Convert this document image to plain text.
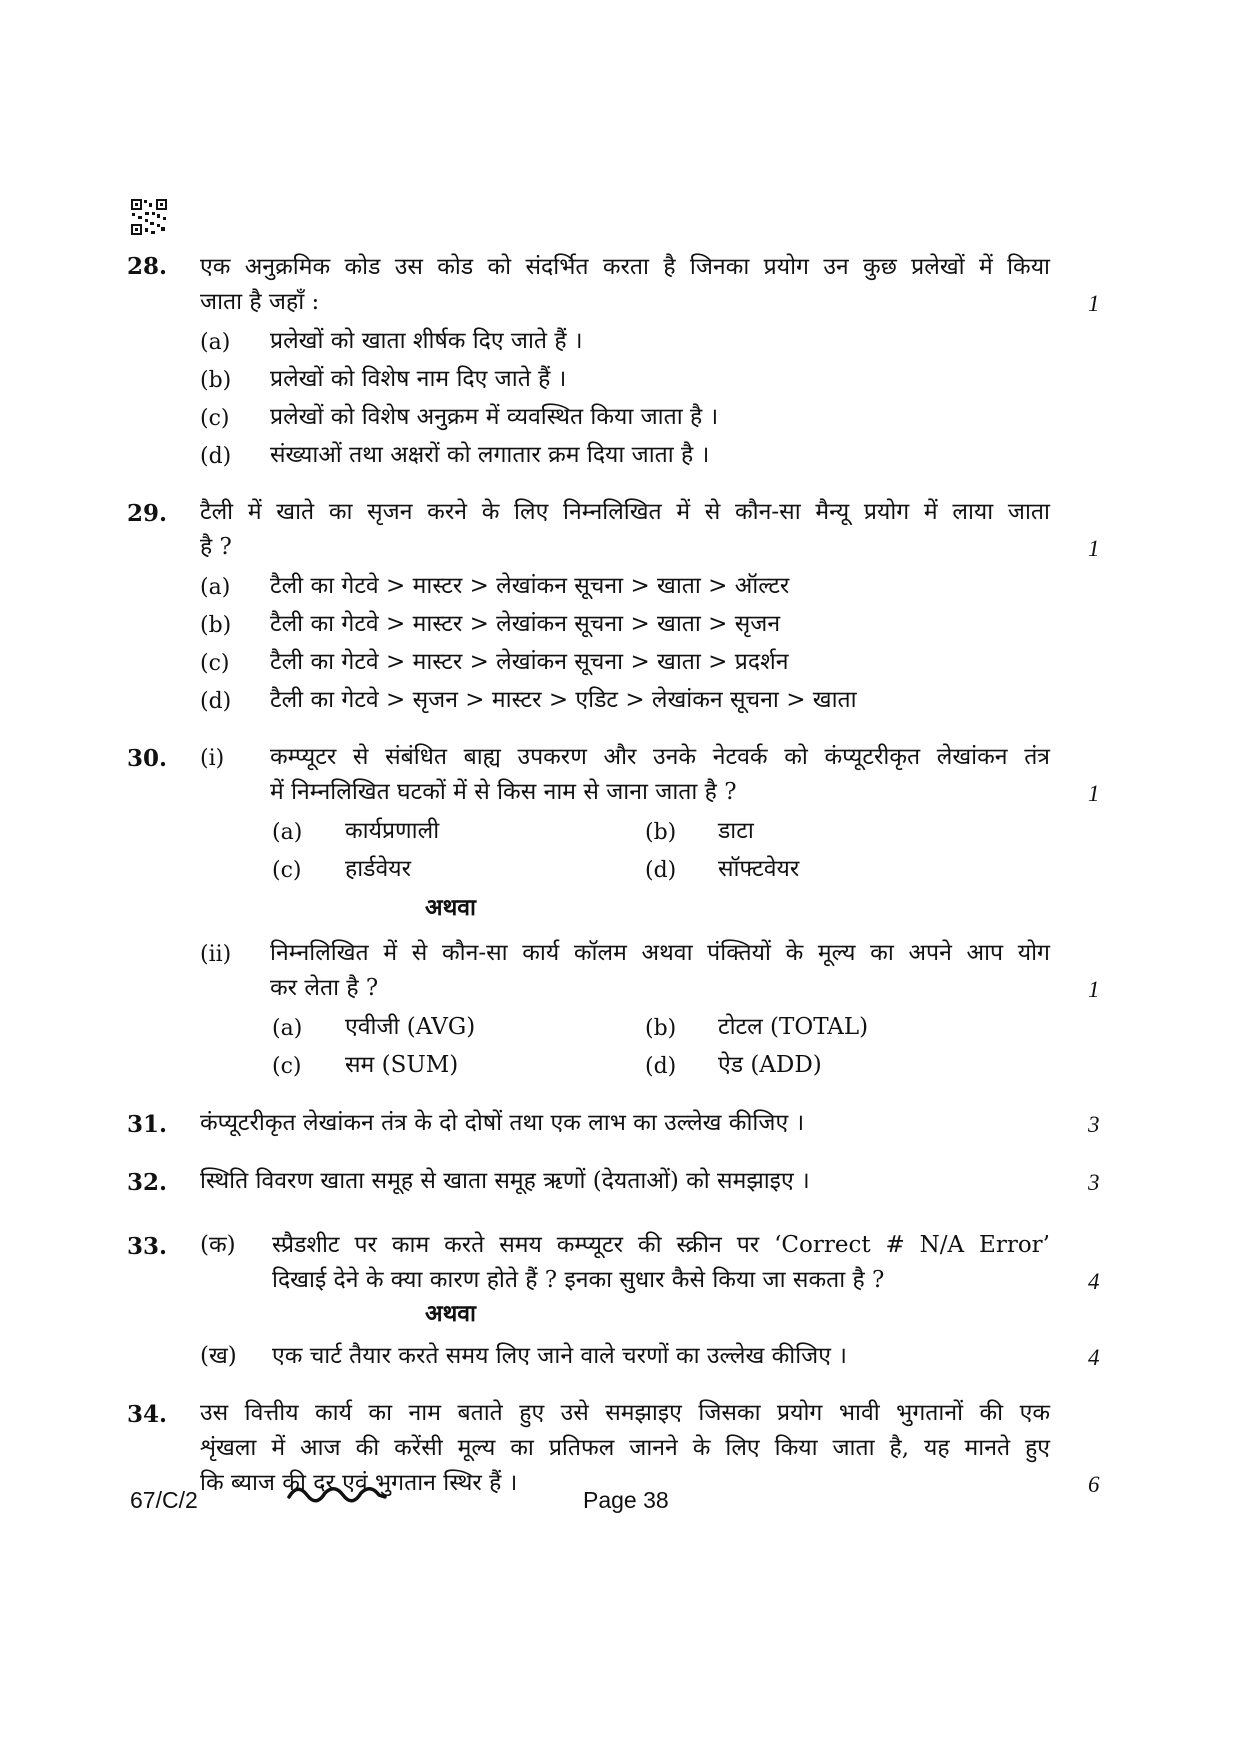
28. एक अनुक्रमिक कोड उस कोड को संदर्भित करता है जिनका प्रयोग उन कुछ प्रलेखों में किया
जाता है जहाँ :	1
(a) प्रलेखों को खाता शीर्षक दिए जाते हैं ।
(b) प्रलेखों को विशेष नाम दिए जाते हैं ।
(c) प्रलेखों को विशेष अनुक्रम में व्यवस्थित किया जाता है ।
(d) संख्याओं तथा अक्षरों को लगातार क्रम दिया जाता है ।
29. टैली में खाते का सृजन करने के लिए निम्नलिखित में से कौन-सा मैन्यू प्रयोग में लाया जाता
है ?	1
(a) टैली का गेटवे > मास्टर > लेखांकन सूचना > खाता > ऑल्टर
(b) टैली का गेटवे > मास्टर > लेखांकन सूचना > खाता > सृजन
(c) टैली का गेटवे > मास्टर > लेखांकन सूचना > खाता > प्रदर्शन
(d) टैली का गेटवे > सृजन > मास्टर > एडिट > लेखांकन सूचना > खाता
30. (i) कम्प्यूटर से संबंधित बाह्य उपकरण और उनके नेटवर्क को कंप्यूटरीकृत लेखांकन तंत्र
में निम्नलिखित घटकों में से किस नाम से जाना जाता है ?	1
(a) कार्यप्रणाली	(b) डाटा
(c) हार्डवेयर	(d) सॉफ्टवेयर
अथवा
(ii) निम्नलिखित में से कौन-सा कार्य कॉलम अथवा पंक्तियों के मूल्य का अपने आप योग
कर लेता है ?	1
(a) एवीजी (AVG)	(b) टोटल (TOTAL)
(c) सम (SUM)	(d) ऐड (ADD)
31. कंप्यूटरीकृत लेखांकन तंत्र के दो दोषों तथा एक लाभ का उल्लेख कीजिए ।	3
32. स्थिति विवरण खाता समूह से खाता समूह ऋणों (देयताओं) को समझाइए ।	3
33. (क) स्प्रैडशीट पर काम करते समय कम्प्यूटर की स्क्रीन पर ‘Correct # N/A Error’
दिखाई देने के क्या कारण होते हैं ? इनका सुधार कैसे किया जा सकता है ?	4
अथवा
(ख) एक चार्ट तैयार करते समय लिए जाने वाले चरणों का उल्लेख कीजिए ।	4
34. उस वित्तीय कार्य का नाम बताते हुए उसे समझाइए जिसका प्रयोग भावी भुगतानों की एक
शृंखला में आज की करेंसी मूल्य का प्रतिफल जानने के लिए किया जाता है, यह मानते हुए
कि ब्याज की दर एवं भुगतान स्थिर हैं ।	6
67/C/2	Page 38
